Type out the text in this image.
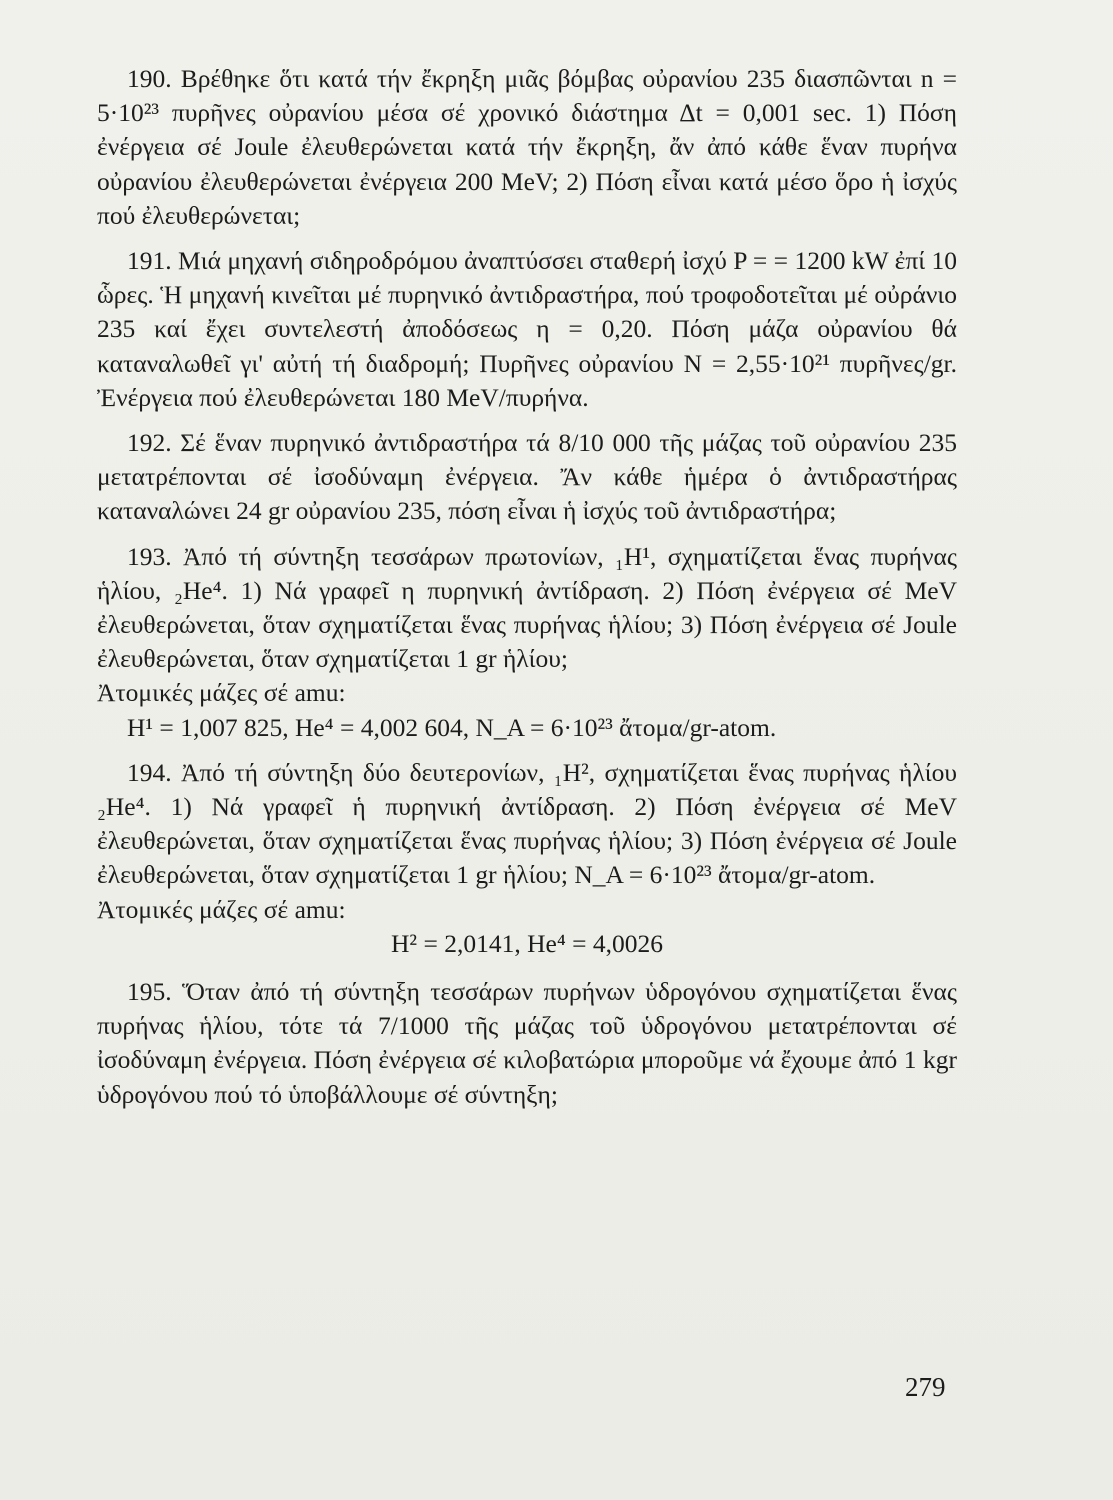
190. Βρέθηκε ὅτι κατά τήν ἔκρηξη μιᾶς βόμβας οὐρανίου 235 διασπῶνται n = 5·10²³ πυρῆνες οὐρανίου μέσα σέ χρονικό διάστημα Δt = 0,001 sec. 1) Πόση ἐνέργεια σέ Joule ἐλευθερώνεται κατά τήν ἔκρηξη, ἄν ἀπό κάθε ἕναν πυρήνα οὐρανίου ἐλευθερώνεται ἐνέργεια 200 MeV; 2) Πόση εἶναι κατά μέσο ὅρο ἡ ἰσχύς πού ἐλευθερώνεται;

191. Μιά μηχανή σιδηροδρόμου ἀναπτύσσει σταθερή ἰσχύ P = = 1200 kW ἐπί 10 ὧρες. Ἡ μηχανή κινεῖται μέ πυρηνικό ἀντιδραστήρα, πού τροφοδοτεῖται μέ οὐράνιο 235 καί ἔχει συντελεστή ἀποδόσεως η = 0,20. Πόση μάζα οὐρανίου θά καταναλωθεῖ γι' αὐτή τή διαδρομή; Πυρῆνες οὐρανίου N = 2,55·10²¹ πυρῆνες/gr. Ἐνέργεια πού ἐλευθερώνεται 180 MeV/πυρήνα.

192. Σέ ἕναν πυρηνικό ἀντιδραστήρα τά 8/10 000 τῆς μάζας τοῦ οὐρανίου 235 μετατρέπονται σέ ἰσοδύναμη ἐνέργεια. Ἄν κάθε ἡμέρα ὁ ἀντιδραστήρας καταναλώνει 24 gr οὐρανίου 235, πόση εἶναι ἡ ἰσχύς τοῦ ἀντιδραστήρα;

193. Ἀπό τή σύντηξη τεσσάρων πρωτονίων, ₁H¹, σχηματίζεται ἕνας πυρήνας ἡλίου, ₂He⁴. 1) Νά γραφεῖ η πυρηνική ἀντίδραση. 2) Πόση ἐνέργεια σέ MeV ἐλευθερώνεται, ὅταν σχηματίζεται ἕνας πυρήνας ἡλίου; 3) Πόση ἐνέργεια σέ Joule ἐλευθερώνεται, ὅταν σχηματίζεται 1 gr ἡλίου;

Ἀτομικές μάζες σέ amu:

H¹ = 1,007 825, He⁴ = 4,002 604, N_A = 6·10²³ ἄτομα/gr-atom.

194. Ἀπό τή σύντηξη δύο δευτερονίων, ₁H², σχηματίζεται ἕνας πυρήνας ἡλίου ₂He⁴. 1) Νά γραφεῖ ἡ πυρηνική ἀντίδραση. 2) Πόση ἐνέργεια σέ MeV ἐλευθερώνεται, ὅταν σχηματίζεται ἕνας πυρήνας ἡλίου; 3) Πόση ἐνέργεια σέ Joule ἐλευθερώνεται, ὅταν σχηματίζεται 1 gr ἡλίου; N_A = 6·10²³ ἄτομα/gr-atom.

Ἀτομικές μάζες σέ amu:

H² = 2,0141, He⁴ = 4,0026

195. Ὅταν ἀπό τή σύντηξη τεσσάρων πυρήνων ὑδρογόνου σχηματίζεται ἕνας πυρήνας ἡλίου, τότε τά 7/1000 τῆς μάζας τοῦ ὑδρογόνου μετατρέπονται σέ ἰσοδύναμη ἐνέργεια. Πόση ἐνέργεια σέ κιλοβατώρια μποροῦμε νά ἔχουμε ἀπό 1 kgr ὑδρογόνου πού τό ὑποβάλλουμε σέ σύντηξη;

279
